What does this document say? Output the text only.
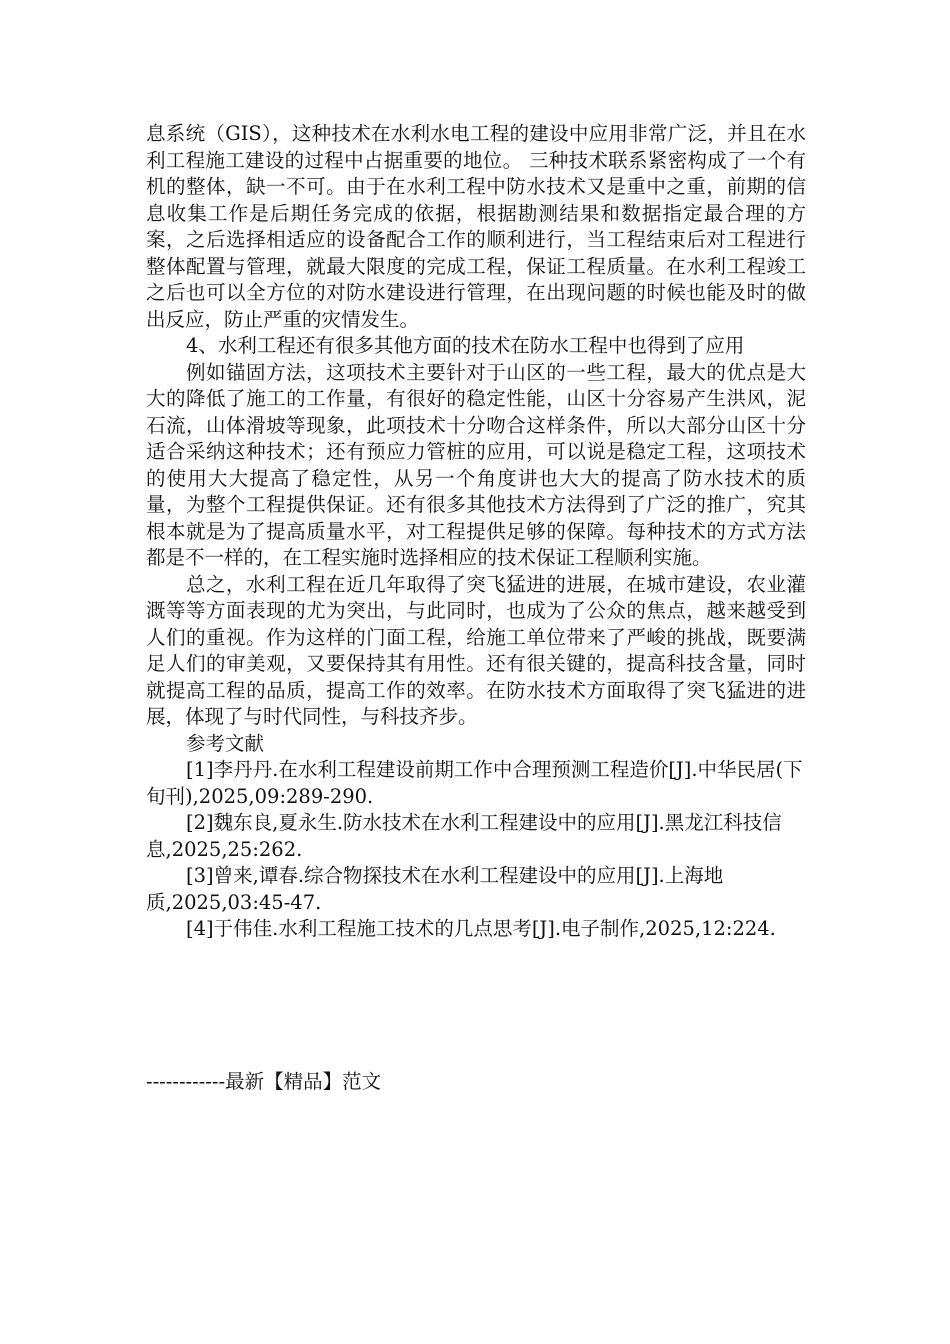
息系统（GIS），这种技术在水利水电工程的建设中应用非常广泛，并且在水利工程施工建设的过程中占据重要的地位。 三种技术联系紧密构成了一个有机的整体，缺一不可。由于在水利工程中防水技术又是重中之重，前期的信息收集工作是后期任务完成的依据，根据勘测结果和数据指定最合理的方案，之后选择相适应的设备配合工作的顺利进行，当工程结束后对工程进行整体配置与管理，就最大限度的完成工程，保证工程质量。在水利工程竣工之后也可以全方位的对防水建设进行管理，在出现问题的时候也能及时的做出反应，防止严重的灾情发生。

4、水利工程还有很多其他方面的技术在防水工程中也得到了应用

例如锚固方法，这项技术主要针对于山区的一些工程，最大的优点是大大的降低了施工的工作量，有很好的稳定性能，山区十分容易产生洪风，泥石流，山体滑坡等现象，此项技术十分吻合这样条件，所以大部分山区十分适合采纳这种技术；还有预应力管桩的应用，可以说是稳定工程，这项技术的使用大大提高了稳定性，从另一个角度讲也大大的提高了防水技术的质量，为整个工程提供保证。还有很多其他技术方法得到了广泛的推广，究其根本就是为了提高质量水平，对工程提供足够的保障。每种技术的方式方法都是不一样的，在工程实施时选择相应的技术保证工程顺利实施。

总之，水利工程在近几年取得了突飞猛进的进展，在城市建设，农业灌溉等等方面表现的尤为突出，与此同时，也成为了公众的焦点，越来越受到人们的重视。作为这样的门面工程，给施工单位带来了严峻的挑战，既要满足人们的审美观，又要保持其有用性。还有很关键的，提高科技含量，同时就提高工程的品质，提高工作的效率。在防水技术方面取得了突飞猛进的进展，体现了与时代同性，与科技齐步。

参考文献

[1]李丹丹.在水利工程建设前期工作中合理预测工程造价[J].中华民居(下旬刊),2025,09:289-290.

[2]魏东良,夏永生.防水技术在水利工程建设中的应用[J].黑龙江科技信息,2025,25:262.

[3]曾来,谭春.综合物探技术在水利工程建设中的应用[J].上海地质,2025,03:45-47.

[4]于伟佳.水利工程施工技术的几点思考[J].电子制作,2025,12:224.

------------最新【精品】范文
